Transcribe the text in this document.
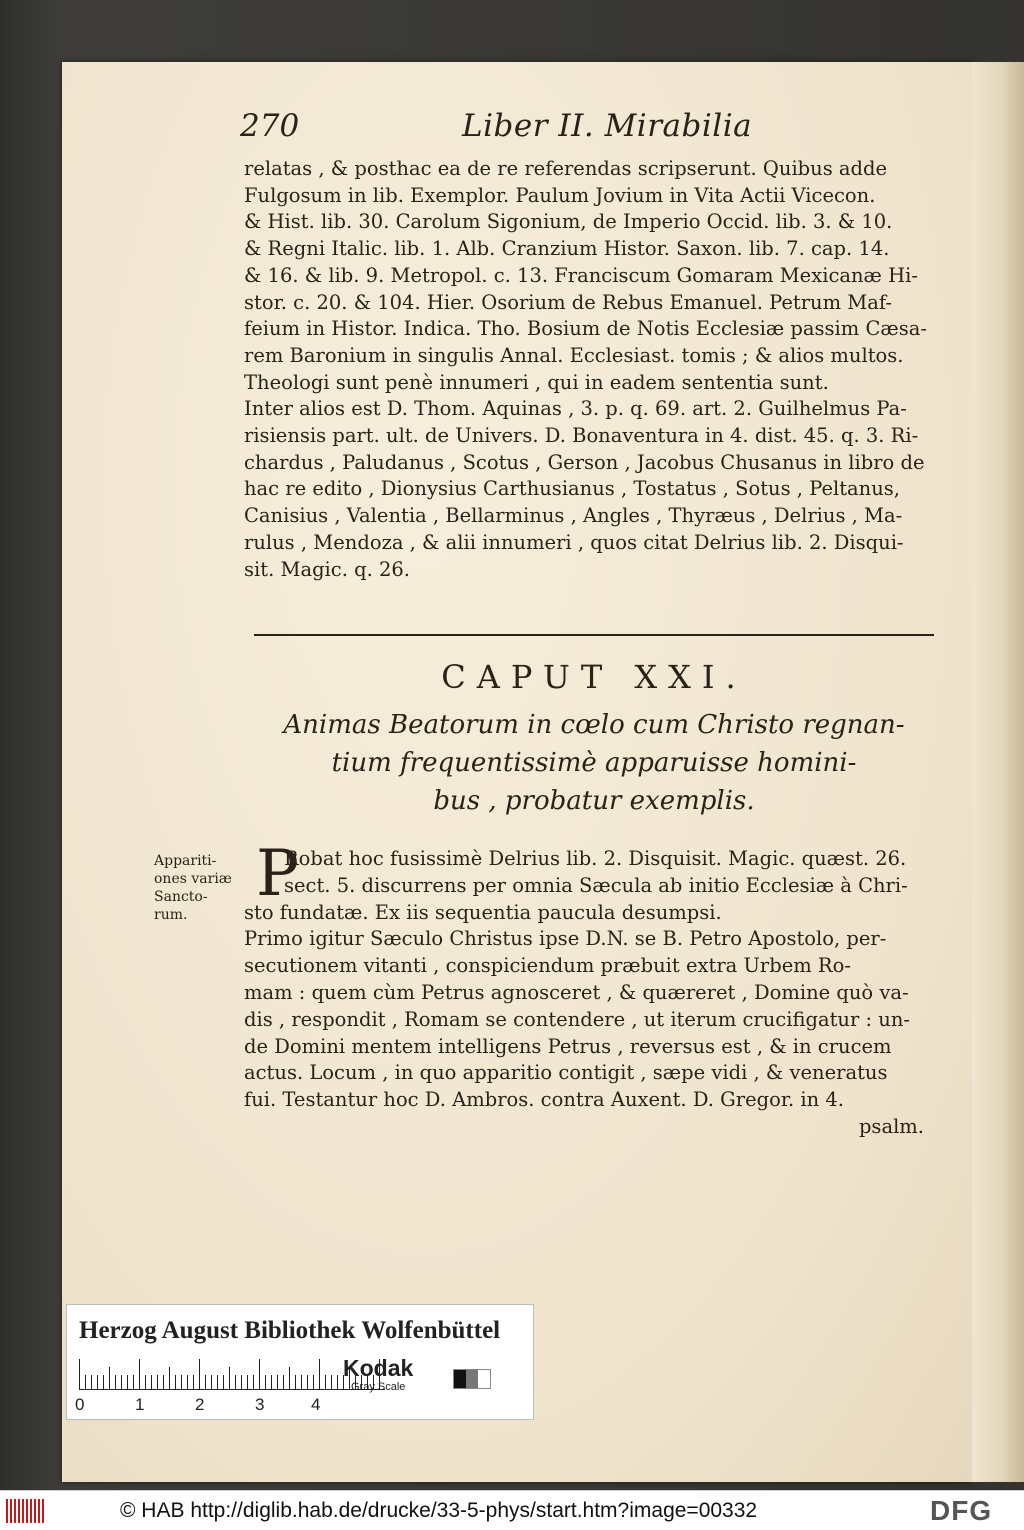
270	Liber II. Mirabilia
relatas , & posthac ea de re referendas scripserunt. Quibus adde
Fulgosum in lib. Exemplor. Paulum Jovium in Vita Actii Vicecon.
& Hist. lib. 30. Carolum Sigonium, de Imperio Occid. lib. 3. & 10.
& Regni Italic. lib. 1. Alb. Cranzium Histor. Saxon. lib. 7. cap. 14.
& 16. & lib. 9. Metropol. c. 13. Franciscum Gomaram Mexicanæ Hi-
stor. c. 20. & 104. Hier. Osorium de Rebus Emanuel. Petrum Maf-
feium in Histor. Indica. Tho. Bosium de Notis Ecclesiæ passim Cæsa-
rem Baronium in singulis Annal. Ecclesiast. tomis ; & alios multos.
Theologi sunt penè innumeri , qui in eadem sententia sunt.
Inter alios est D. Thom. Aquinas , 3. p. q. 69. art. 2. Guilhelmus Pa-
risiensis part. ult. de Univers. D. Bonaventura in 4. dist. 45. q. 3. Ri-
chardus , Paludanus , Scotus , Gerson , Jacobus Chusanus in libro de
hac re edito , Dionysius Carthusianus , Tostatus , Sotus , Peltanus,
Canisius , Valentia , Bellarminus , Angles , Thyræus , Delrius , Ma-
rulus , Mendoza , & alii innumeri , quos citat Delrius lib. 2. Disqui-
sit. Magic. q. 26.
CAPUT XXI.
Animas Beatorum in cœlo cum Christo regnan-
tium frequentissimè apparuisse homini-
bus , probatur exemplis.
Appariti-
ones variæ
Sancto-
rum.
P
Robat hoc fusissimè Delrius lib. 2. Disquisit. Magic. quæst. 26.
sect. 5. discurrens per omnia Sæcula ab initio Ecclesiæ à Chri-
sto fundatæ. Ex iis sequentia paucula desumpsi.
Primo igitur Sæculo Christus ipse D.N. se B. Petro Apostolo, per-
secutionem vitanti , conspiciendum præbuit extra Urbem Ro-
mam : quem cùm Petrus agnosceret , & quæreret , Domine quò va-
dis , respondit , Romam se contendere , ut iterum crucifigatur : un-
de Domini mentem intelligens Petrus , reversus est , & in crucem
actus. Locum , in quo apparitio contigit , sæpe vidi , & veneratus
fui. Testantur hoc D. Ambros. contra Auxent. D. Gregor. in 4.
psalm.
Herzog August Bibliothek Wolfenbüttel
0	1	2	3	4
Kodak
Gray Scale
© HAB http://diglib.hab.de/drucke/33-5-phys/start.htm?image=00332	DFG
